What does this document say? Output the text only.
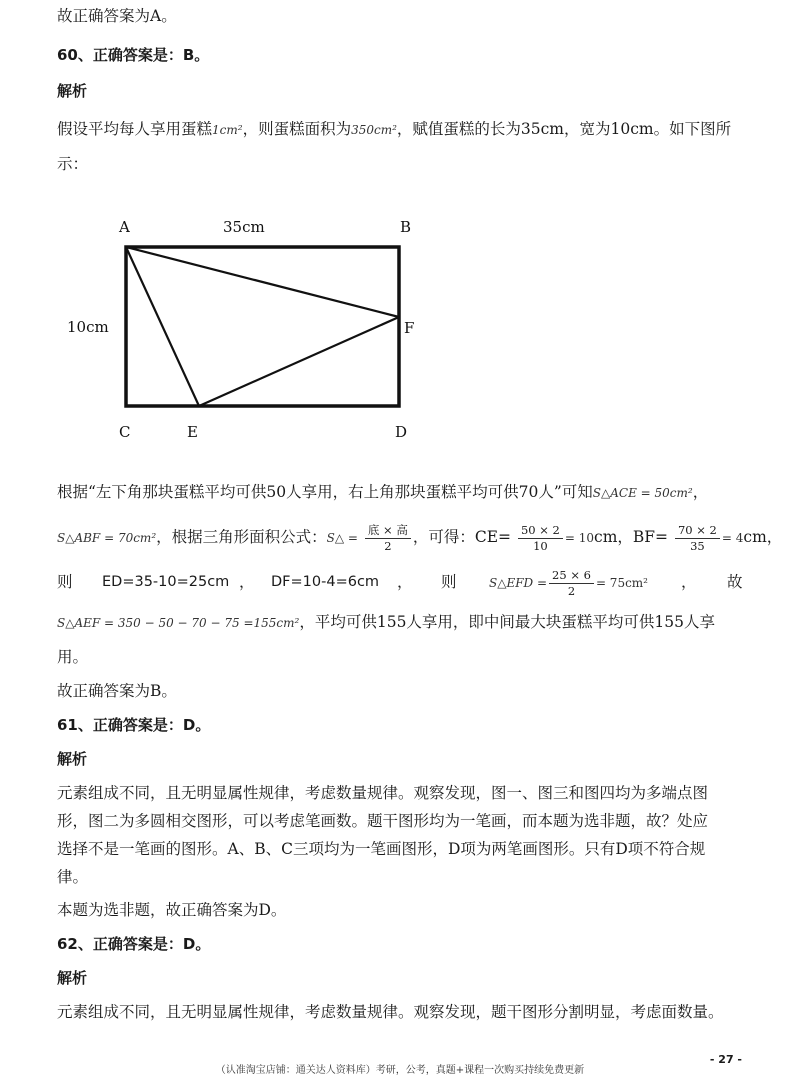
故正确答案为A。
60、正确答案是：B。
解析
假设平均每人享用蛋糕1cm²，则蛋糕面积为350cm²，赋值蛋糕的长为35cm，宽为10cm。如下图所
示：
A	B
C	E	D
F
35cm
10cm
根据“左下角那块蛋糕平均可供50人享用，右上角那块蛋糕平均可供70人”可知S△ACE = 50cm²，
S△ABF = 70cm²，根据三角形面积公式：S△ = $\frac{\text{底 × 高}}{2}$ ，可得：$CE= \frac{50 \times 2}{10} = 10cm$，$BF= \frac{70 \times 2}{35} = 4cm$，
则 ED=35-10=25cm ， DF=10-4=6cm ， 则	S△EFD = $\frac{25 \times 6}{2} = 75cm^2$ ， 故
S△AEF = 350 − 50 − 70 − 75 =155cm²，平均可供155人享用，即中间最大块蛋糕平均可供155人享
用。
故正确答案为B。
61、正确答案是：D。
解析
元素组成不同，且无明显属性规律，考虑数量规律。观察发现，图一、图三和图四均为多端点图
形，图二为多圆相交图形，可以考虑笔画数。题干图形均为一笔画，而本题为选非题，故？处应
选择不是一笔画的图形。A、B、C三项均为一笔画图形，D项为两笔画图形。只有D项不符合规
律。
本题为选非题，故正确答案为D。
62、正确答案是：D。
解析
元素组成不同，且无明显属性规律，考虑数量规律。观察发现，题干图形分割明显，考虑面数量。
- 27 -
（认准淘宝店铺：通关达人资料库）考研，公考，真题+课程一次购买持续免费更新
